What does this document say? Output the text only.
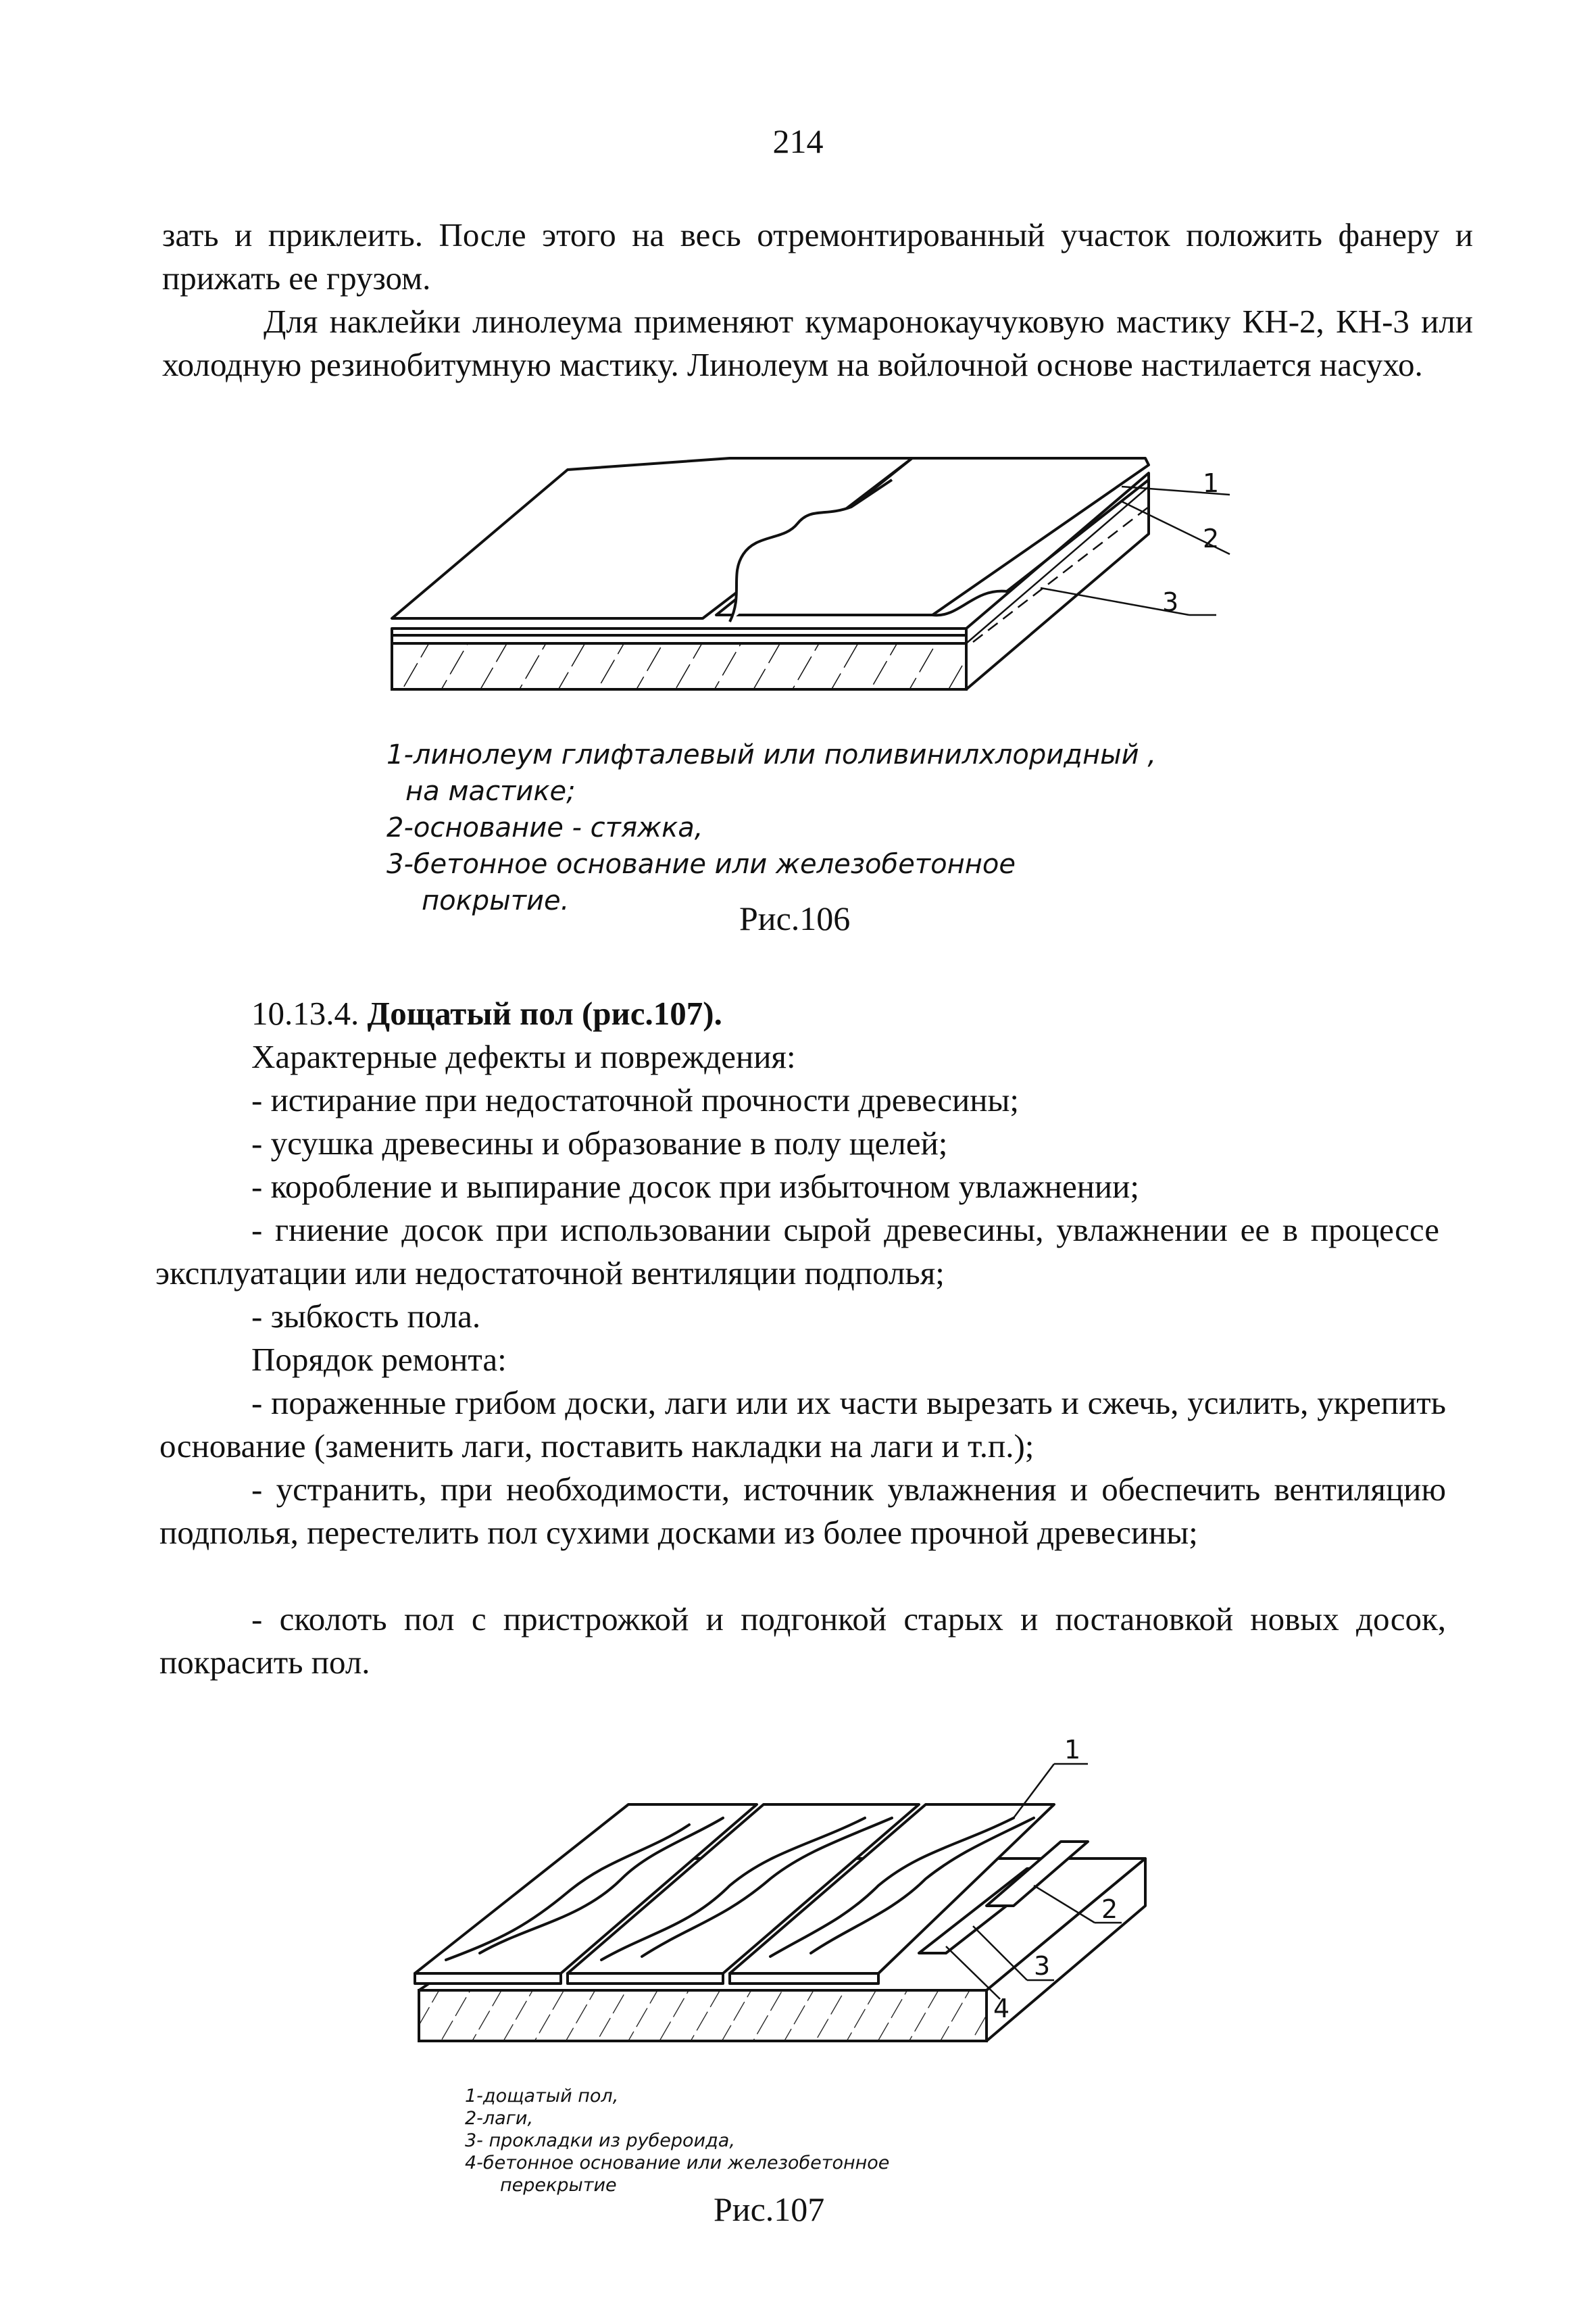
214

зать и приклеить. После этого на весь отремонтированный участок положить фанеру и прижать ее грузом.

Для наклейки линолеума применяют кумаронокаучуковую мастику КН-2, КН-3 или холодную резинобитумную мастику. Линолеум на войлочной основе настилается насухо.

1
2
3
1-линолеум глифталевый или поливинилхлоридный ,
на мастике;
2-основание - стяжка,
3-бетонное основание или железобетонное
покрытие.	Рис.106

10.13.4. Дощатый пол (рис.107).

Характерные дефекты и повреждения:

- истирание при недостаточной прочности древесины;

- усушка древесины и образование в полу щелей;

- коробление и выпирание досок при избыточном увлажнении;

- гниение досок при использовании сырой древесины, увлажнении ее в процессе эксплуатации или недостаточной вентиляции подполья;

- зыбкость пола.

Порядок ремонта:

- пораженные грибом доски, лаги или их части вырезать и сжечь, усилить, укрепить основание (заменить лаги, поставить накладки на лаги и т.п.);

- устранить, при необходимости, источник увлажнения и обеспечить вентиляцию подполья, перестелить пол сухими досками из более прочной древесины;

- сколоть пол с пристрожкой и подгонкой старых и постановкой новых досок, покрасить пол.

1
2
3
4
1-дощатый пол,
2-лаги,
3- прокладки из рубероида,
4-бетонное основание или железобетонное
перекрытие
Рис.107
